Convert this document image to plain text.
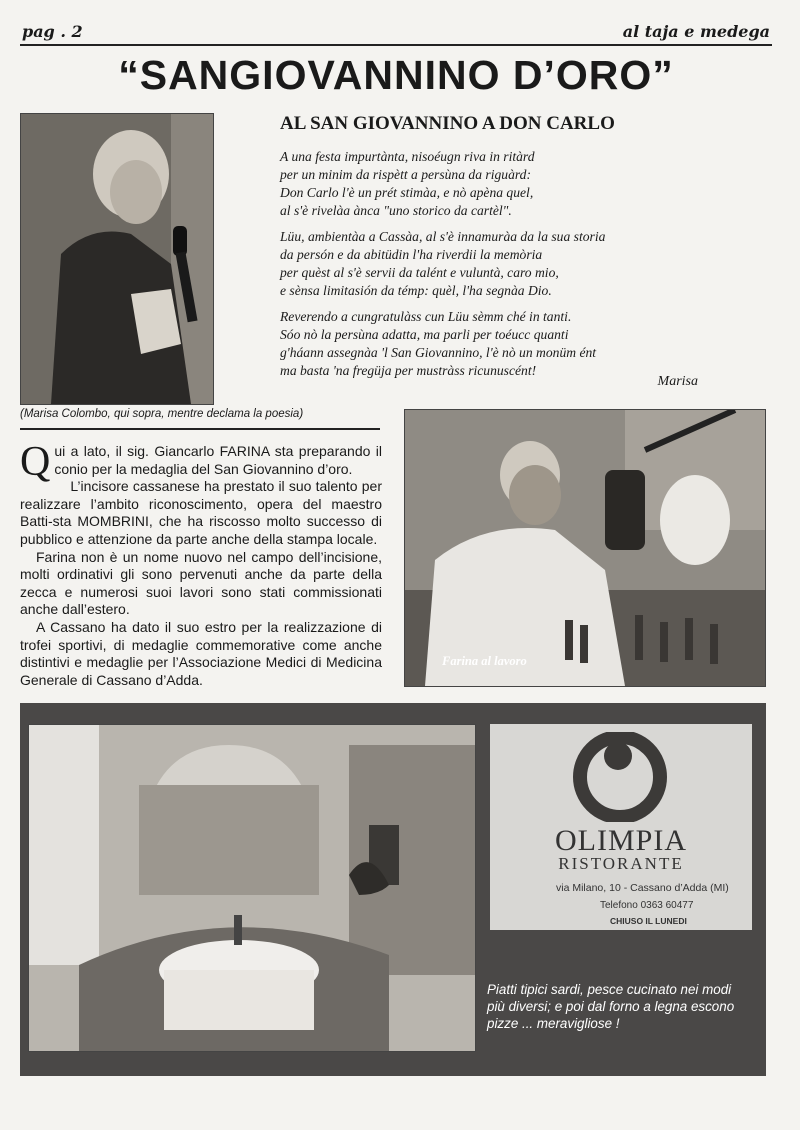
pag . 2	al taja e medega
“SANGIOVANNINO D’ORO”
AL SAN GIOVANNINO A DON CARLO

A una festa impurtànta, nisoéugn riva in ritàrd
per un minim da rispètt a persùna da riguàrd:
Don Carlo l'è un prét stimàa, e nò apèna quel,
al s'è rivelàa ànca "uno storico da cartèl".

Lüu, ambientàa a Cassàa, al s'è innamuràa da la sua storia
da persón e da abitüdin l'ha riverdii la memòria
per quèst al s'è servii da talént e vuluntà, caro mio,
e sènsa limitasión da témp: quèl, l'ha segnàa Dio.

Reverendo a cungratulàss cun Lüu sèmm ché in tanti.
Sóo nò la persùna adatta, ma parli per toéucc quanti
g'háann assegnàa 'l San Giovannino, l'è nò un monüm ént
ma basta 'na fregüja per mustràss ricunuscént!

Marisa
(Marisa Colombo, qui sopra, mentre declama la poesia)

Qui a lato, il sig. Giancarlo FARINA sta preparando il conio per la medaglia del San Giovannino d’oro.

L’incisore cassanese ha prestato il suo talento per realizzare l’ambito riconoscimento, opera del maestro Batti-sta MOMBRINI, che ha riscosso molto successo di pubblico e attenzione da parte anche della stampa locale.

Farina non è un nome nuovo nel campo dell’incisione, molti ordinativi gli sono pervenuti anche da parte della zecca e numerosi suoi lavori sono stati commissionati anche dall’estero.

A Cassano ha dato il suo estro per la realizzazione di trofei sportivi, di medaglie commemorative come anche distintivi e medaglie per l’Associazione Medici di Medicina Generale di Cassano d’Adda.

Farina al lavoro
OLIMPIA
RISTORANTE
via Milano, 10 - Cassano d’Adda (MI)
Telefono 0363 60477
CHIUSO IL LUNEDI
Piatti tipici sardi, pesce cucinato nei modi più diversi; e poi dal forno a legna escono pizze ... meravigliose !
